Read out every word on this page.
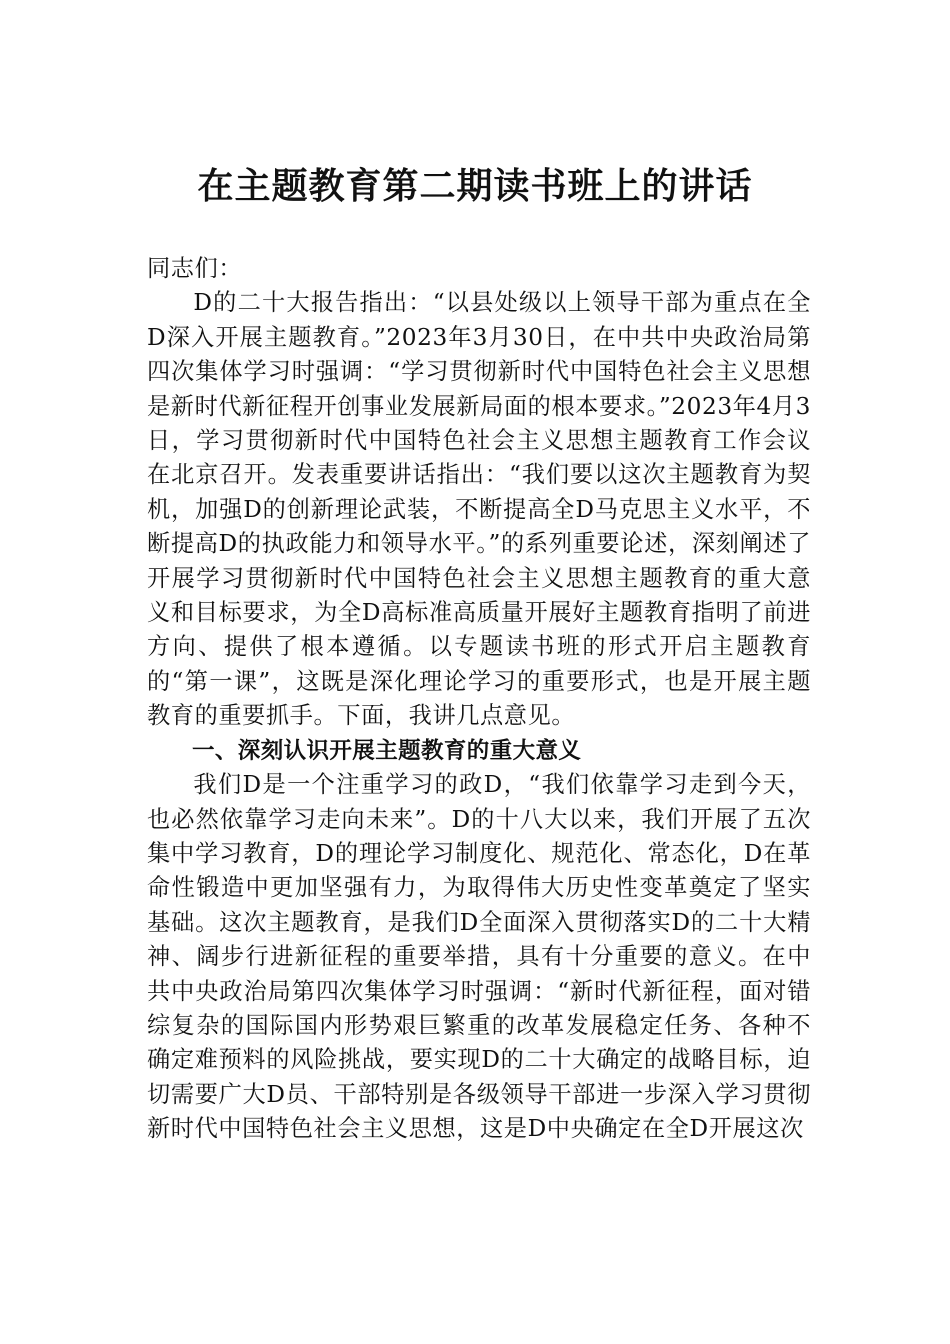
在主题教育第二期读书班上的讲话

同志们：

D的二十大报告指出：“以县处级以上领导干部为重点在全D深入开展主题教育。”2023年3月30日，在中共中央政治局第四次集体学习时强调：“学习贯彻新时代中国特色社会主义思想是新时代新征程开创事业发展新局面的根本要求。”2023年4月3日，学习贯彻新时代中国特色社会主义思想主题教育工作会议在北京召开。发表重要讲话指出：“我们要以这次主题教育为契机，加强D的创新理论武装，不断提高全D马克思主义水平，不断提高D的执政能力和领导水平。”的系列重要论述，深刻阐述了开展学习贯彻新时代中国特色社会主义思想主题教育的重大意义和目标要求，为全D高标准高质量开展好主题教育指明了前进方向、提供了根本遵循。以专题读书班的形式开启主题教育的“第一课”，这既是深化理论学习的重要形式，也是开展主题教育的重要抓手。下面，我讲几点意见。

一、深刻认识开展主题教育的重大意义

我们D是一个注重学习的政D，“我们依靠学习走到今天，也必然依靠学习走向未来”。D的十八大以来，我们开展了五次集中学习教育，D的理论学习制度化、规范化、常态化，D在革命性锻造中更加坚强有力，为取得伟大历史性变革奠定了坚实基础。这次主题教育，是我们D全面深入贯彻落实D的二十大精神、阔步行进新征程的重要举措，具有十分重要的意义。在中共中央政治局第四次集体学习时强调：“新时代新征程，面对错综复杂的国际国内形势艰巨繁重的改革发展稳定任务、各种不确定难预料的风险挑战，要实现D的二十大确定的战略目标，迫切需要广大D员、干部特别是各级领导干部进一步深入学习贯彻新时代中国特色社会主义思想，这是D中央确定在全D开展这次
